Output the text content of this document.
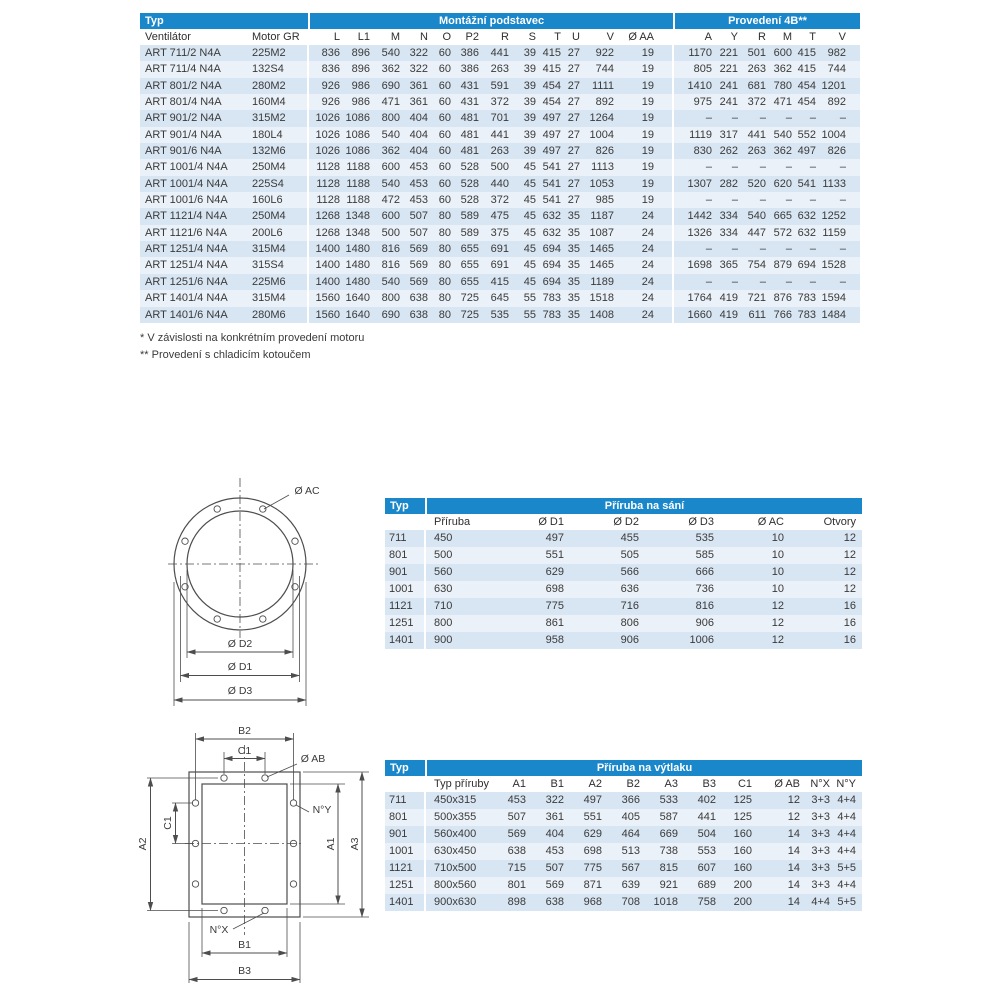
Typ	Montážní podstavec	Provedení 4B**
Ventilátor	Motor GR	L	L1	M	N	O	P2	R	S	T	U	V	Ø AA	A	Y	R	M	T	V
ART 711/2 N4A	225M2	836	896	540	322	60	386	441	39	415	27	922	19	1170	221	501	600	415	982
ART 711/4 N4A	132S4	836	896	362	322	60	386	263	39	415	27	744	19	805	221	263	362	415	744
ART 801/2 N4A	280M2	926	986	690	361	60	431	591	39	454	27	1111	19	1410	241	681	780	454	1201
ART 801/4 N4A	160M4	926	986	471	361	60	431	372	39	454	27	892	19	975	241	372	471	454	892
ART 901/2 N4A	315M2	1026	1086	800	404	60	481	701	39	497	27	1264	19	–	–	–	–	–	–
ART 901/4 N4A	180L4	1026	1086	540	404	60	481	441	39	497	27	1004	19	1119	317	441	540	552	1004
ART 901/6 N4A	132M6	1026	1086	362	404	60	481	263	39	497	27	826	19	830	262	263	362	497	826
ART 1001/4 N4A	250M4	1128	1188	600	453	60	528	500	45	541	27	1113	19	–	–	–	–	–	–
ART 1001/4 N4A	225S4	1128	1188	540	453	60	528	440	45	541	27	1053	19	1307	282	520	620	541	1133
ART 1001/6 N4A	160L6	1128	1188	472	453	60	528	372	45	541	27	985	19	–	–	–	–	–	–
ART 1121/4 N4A	250M4	1268	1348	600	507	80	589	475	45	632	35	1187	24	1442	334	540	665	632	1252
ART 1121/6 N4A	200L6	1268	1348	500	507	80	589	375	45	632	35	1087	24	1326	334	447	572	632	1159
ART 1251/4 N4A	315M4	1400	1480	816	569	80	655	691	45	694	35	1465	24	–	–	–	–	–	–
ART 1251/4 N4A	315S4	1400	1480	816	569	80	655	691	45	694	35	1465	24	1698	365	754	879	694	1528
ART 1251/6 N4A	225M6	1400	1480	540	569	80	655	415	45	694	35	1189	24	–	–	–	–	–	–
ART 1401/4 N4A	315M4	1560	1640	800	638	80	725	645	55	783	35	1518	24	1764	419	721	876	783	1594
ART 1401/6 N4A	280M6	1560	1640	690	638	80	725	535	55	783	35	1408	24	1660	419	611	766	783	1484
* V závislosti na konkrétním provedení motoru
** Provedení s chladicím kotoučem
Ø AC
Ø D2
Ø D1
Ø D3
Typ	Příruba na sání
	Příruba	Ø D1	Ø D2	Ø D3	Ø AC	Otvory
711	450	497	455	535	10	12
801	500	551	505	585	10	12
901	560	629	566	666	10	12
1001	630	698	636	736	10	12
1121	710	775	716	816	12	16
1251	800	861	806	906	12	16
1401	900	958	906	1006	12	16
B2
C1
Ø AB
N°Y
A2
C1
A1 A3
N°X
B1
B3
Typ	Příruba na výtlaku
	Typ příruby	A1	B1	A2	B2	A3	B3	C1	Ø AB	N°X	N°Y
711	450x315	453	322	497	366	533	402	125	12	3+3	4+4
801	500x355	507	361	551	405	587	441	125	12	3+3	4+4
901	560x400	569	404	629	464	669	504	160	14	3+3	4+4
1001	630x450	638	453	698	513	738	553	160	14	3+3	4+4
1121	710x500	715	507	775	567	815	607	160	14	3+3	5+5
1251	800x560	801	569	871	639	921	689	200	14	3+3	4+4
1401	900x630	898	638	968	708	1018	758	200	14	4+4	5+5
